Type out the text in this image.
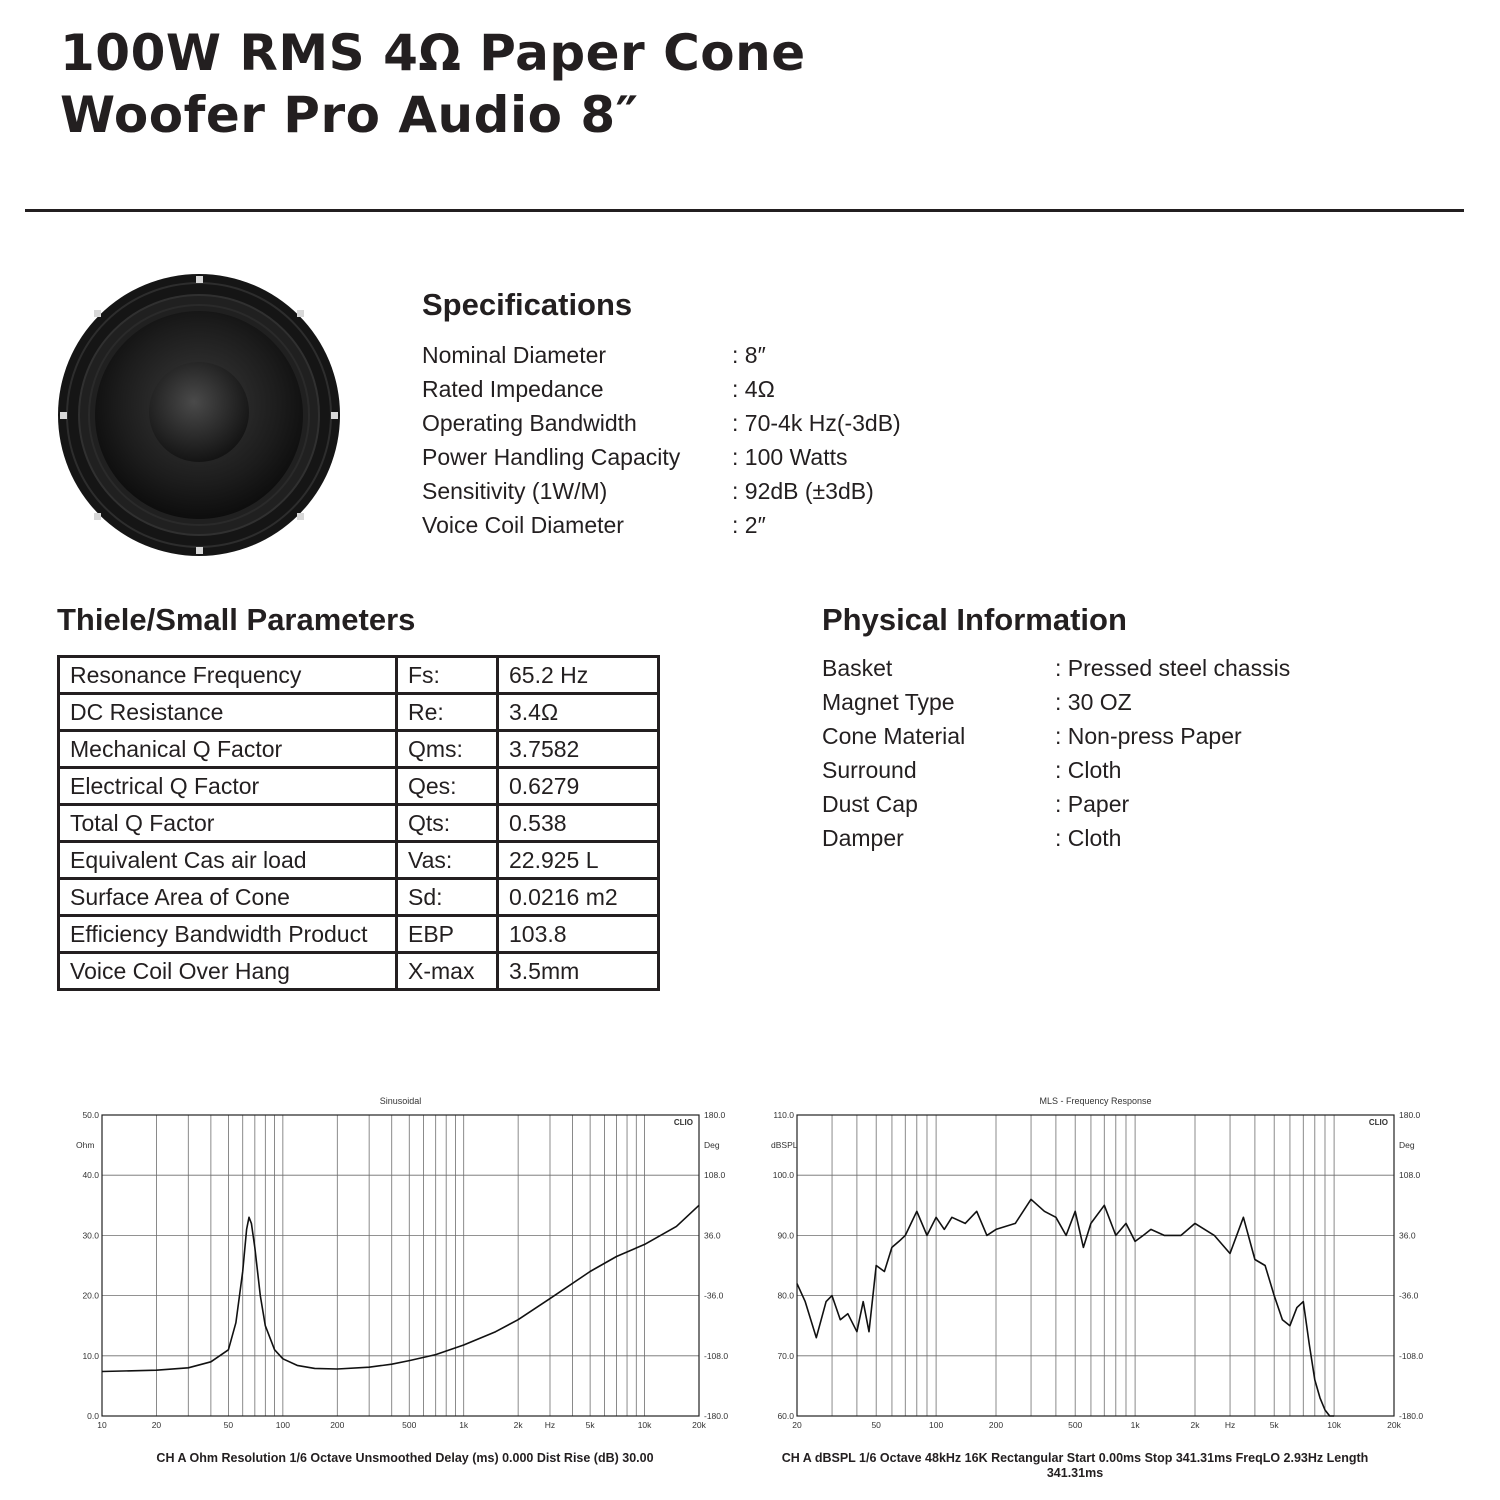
100W RMS 4Ω Paper Cone
Woofer Pro Audio 8″
Specifications
Nominal Diameter	: 8″
Rated Impedance	: 4Ω
Operating Bandwidth	: 70-4k Hz(-3dB)
Power Handling Capacity : 100 Watts
Sensitivity (1W/M)	: 92dB (±3dB)
Voice Coil Diameter	: 2″
Thiele/Small Parameters
Resonance Frequency	Fs:	65.2 Hz
DC Resistance	Re:	3.4Ω
Mechanical Q Factor	Qms:	3.7582
Electrical Q Factor	Qes:	0.6279
Total Q Factor	Qts:	0.538
Equivalent Cas air load	Vas:	22.925 L
Surface Area of Cone	Sd:	0.0216 m2
Efficiency Bandwidth Product	EBP	103.8
Voice Coil Over Hang	X-max	3.5mm
Physical Information
Basket	: Pressed steel chassis
Magnet Type	: 30 OZ
Cone Material	: Non-press Paper
Surround	: Cloth
Dust Cap	: Paper
Damper	: Cloth
Sinusoidal
CLIO
50.0
40.0
30.0
20.0
10.0
0.0
180.0
108.0
36.0
-36.0
-108.0
-180.0
Ohm	Deg
10	20	50	100	200	500	1k	2k	Hz	5k	10k	20k
MLS - Frequency Response
CLIO
110.0
100.0
90.0
80.0
70.0
60.0
180.0
108.0
36.0
-36.0
-108.0
-180.0
dBSPL	Deg
20	50	100	200	500	1k	2k	Hz	5k	10k	20k
CH A Ohm Resolution 1/6 Octave Unsmoothed Delay (ms) 0.000 Dist Rise (dB) 30.00	CH A dBSPL 1/6 Octave 48kHz 16K Rectangular Start 0.00ms Stop 341.31ms FreqLO 2.93Hz Length 341.31ms
